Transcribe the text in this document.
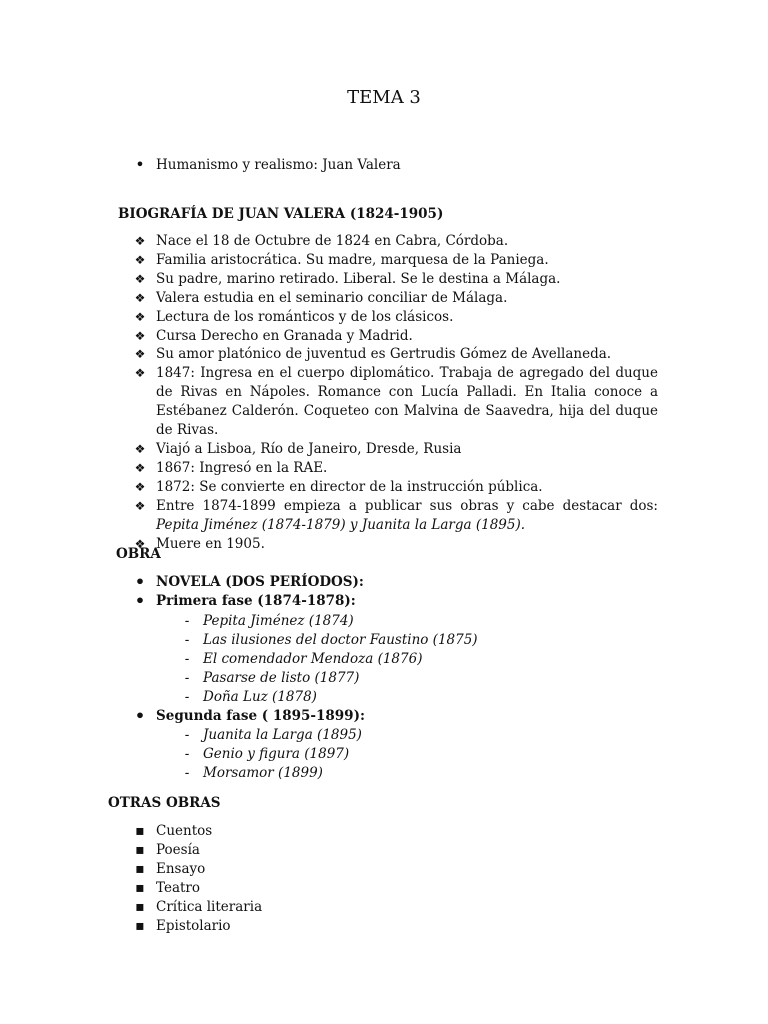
TEMA 3
•
Humanismo y realismo: Juan Valera
BIOGRAFÍA DE JUAN VALERA (1824-1905)
❖
Nace el 18 de Octubre de 1824 en Cabra, Córdoba.
❖
Familia aristocrática. Su madre, marquesa de la Paniega.
❖
Su padre, marino retirado. Liberal. Se le destina a Málaga.
❖
Valera estudia en el seminario conciliar de Málaga.
❖
Lectura de los románticos y de los clásicos.
❖
Cursa Derecho en Granada y Madrid.
❖
Su amor platónico de juventud es Gertrudis Gómez de Avellaneda.
❖
1847: Ingresa en el cuerpo diplomático. Trabaja de agregado del duque de Rivas en Nápoles. Romance con Lucía Palladi. En Italia conoce a Estébanez Calderón. Coqueteo con Malvina de Saavedra, hija del duque de Rivas.
❖
Viajó a Lisboa, Río de Janeiro, Dresde, Rusia
❖
1867: Ingresó en la RAE.
❖
1872: Se convierte en director de la instrucción pública.
❖
Entre 1874-1899 empieza a publicar sus obras y cabe destacar dos: Pepita Jiménez (1874-1879) y Juanita la Larga (1895).
❖
Muere en 1905.
OBRA
•
NOVELA (DOS PERÍODOS):
•
Primera fase (1874-1878):
-
Pepita Jiménez (1874)
-
Las ilusiones del doctor Faustino (1875)
-
El comendador Mendoza (1876)
-
Pasarse de listo (1877)
-
Doña Luz (1878)
•
Segunda fase ( 1895-1899):
-
Juanita la Larga (1895)
-
Genio y figura (1897)
-
Morsamor (1899)
OTRAS OBRAS
▪
Cuentos
▪
Poesía
▪
Ensayo
▪
Teatro
▪
Crítica literaria
▪
Epistolario
